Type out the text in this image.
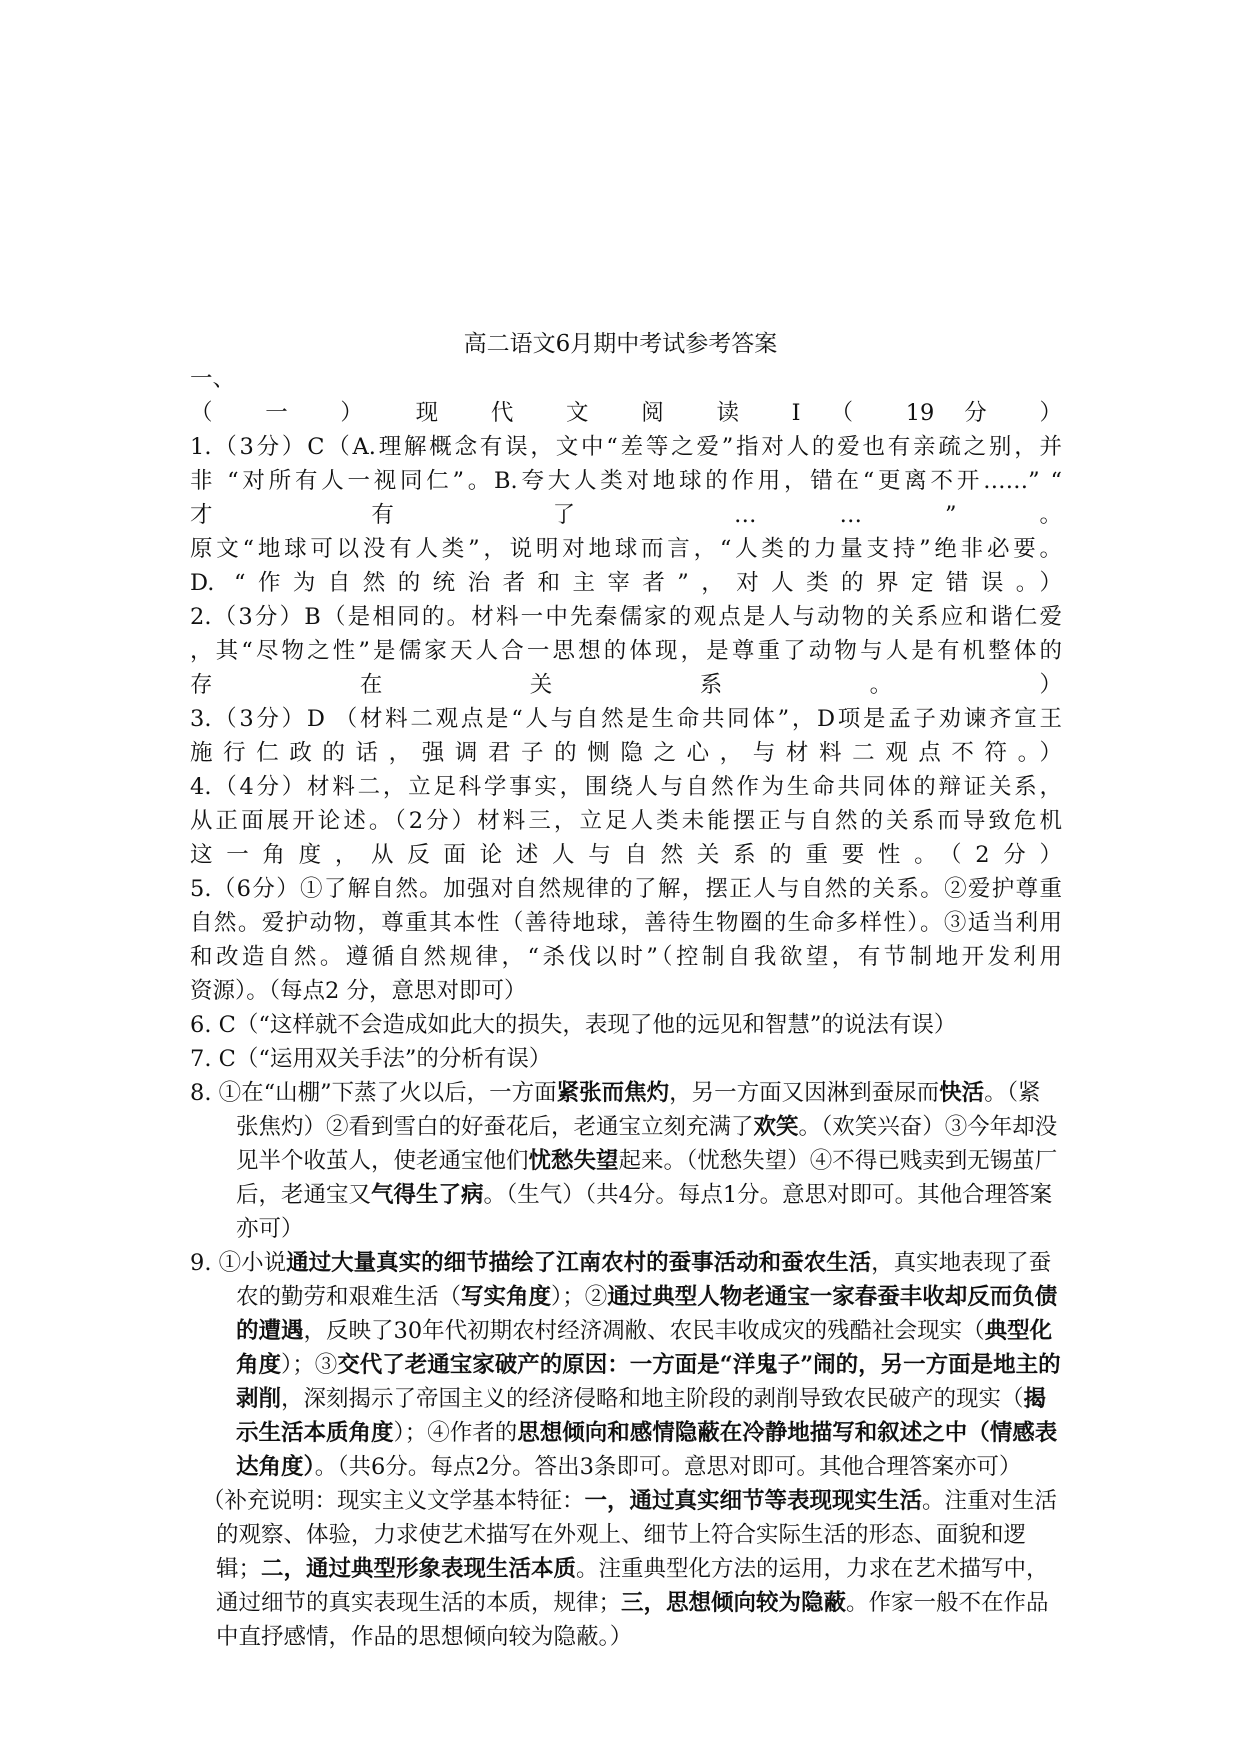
高二语文6月期中考试参考答案

一、

（ 一 ） 现 代 文 阅 读 I （ 19 分 ）

1.（3分）C（A.理解概念有误，文中“差等之爱”指对人的爱也有亲疏之别，并

非 “对所有人一视同仁”。B.夸大人类对地球的作用，错在“更离不开……” “

才 有 了 … … ” 。

原文“地球可以没有人类”，说明对地球而言，“人类的力量支持”绝非必要。

D. “作为自然的统治者和主宰者”，对人类的界定错误。）

2.（3分）B（是相同的。材料一中先秦儒家的观点是人与动物的关系应和谐仁爱

，其“尽物之性”是儒家天人合一思想的体现，是尊重了动物与人是有机整体的

存 在 关 系 。 ）

3.（3分）D （材料二观点是“人与自然是生命共同体”，D项是孟子劝谏齐宣王

施行仁政的话，强调君子的恻隐之心，与材料二观点不符。）

4.（4分）材料二，立足科学事实，围绕人与自然作为生命共同体的辩证关系，

从正面展开论述。（2分）材料三，立足人类未能摆正与自然的关系而导致危机

这一角度，从反面论述人与自然关系的重要性。（2分）

5.（6分）①了解自然。加强对自然规律的了解，摆正人与自然的关系。②爱护尊重

自然。爱护动物，尊重其本性（善待地球，善待生物圈的生命多样性）。③适当利用

和改造自然。遵循自然规律，“杀伐以时”（控制自我欲望，有节制地开发利用

资源）。（每点2 分，意思对即可）

6. C（“这样就不会造成如此大的损失，表现了他的远见和智慧”的说法有误）

7. C（“运用双关手法”的分析有误）

8. ①在“山棚”下蒸了火以后，一方面紧张而焦灼，另一方面又因淋到蚕尿而快活。（紧张焦灼）②看到雪白的好蚕花后，老通宝立刻充满了欢笑。（欢笑兴奋）③今年却没见半个收茧人，使老通宝他们忧愁失望起来。（忧愁失望）④不得已贱卖到无锡茧厂后，老通宝又气得生了病。（生气）（共4分。每点1分。意思对即可。其他合理答案亦可）

9. ①小说通过大量真实的细节描绘了江南农村的蚕事活动和蚕农生活，真实地表现了蚕农的勤劳和艰难生活（写实角度）；②通过典型人物老通宝一家春蚕丰收却反而负债的遭遇，反映了30年代初期农村经济凋敝、农民丰收成灾的残酷社会现实（典型化角度）；③交代了老通宝家破产的原因：一方面是“洋鬼子”闹的，另一方面是地主的剥削，深刻揭示了帝国主义的经济侵略和地主阶段的剥削导致农民破产的现实（揭示生活本质角度）；④作者的思想倾向和感情隐蔽在冷静地描写和叙述之中（情感表达角度）。（共6分。每点2分。答出3条即可。意思对即可。其他合理答案亦可）

（补充说明：现实主义文学基本特征：一，通过真实细节等表现现实生活。注重对生活的观察、体验，力求使艺术描写在外观上、细节上符合实际生活的形态、面貌和逻辑；二，通过典型形象表现生活本质。注重典型化方法的运用，力求在艺术描写中，通过细节的真实表现生活的本质，规律；三，思想倾向较为隐蔽。作家一般不在作品中直抒感情，作品的思想倾向较为隐蔽。）
